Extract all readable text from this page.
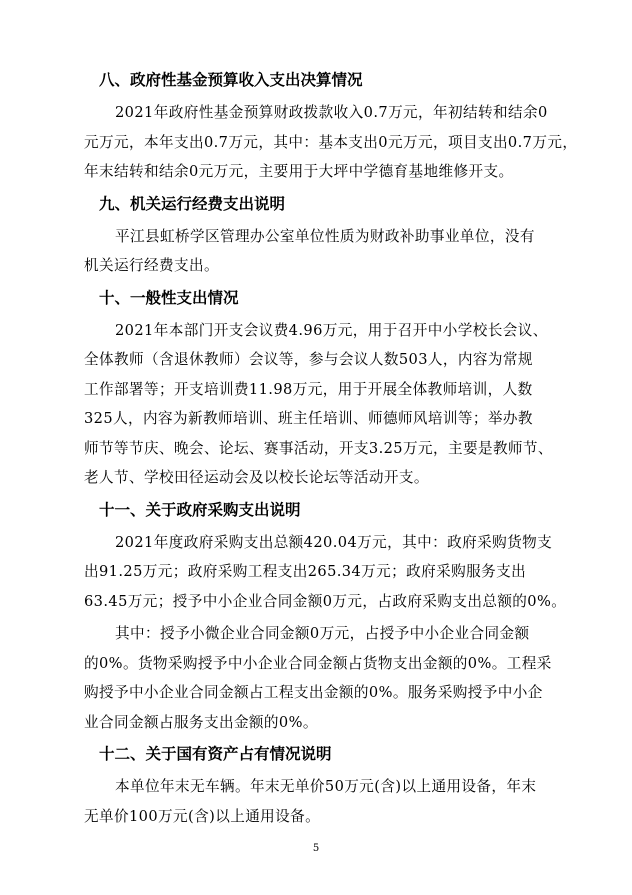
八、政府性基金预算收入支出决算情况
2021年政府性基金预算财政拨款收入0.7万元，年初结转和结余0
元万元，本年支出0.7万元，其中：基本支出0元万元，项目支出0.7万元，
年末结转和结余0元万元，主要用于大坪中学德育基地维修开支。
九、机关运行经费支出说明
平江县虹桥学区管理办公室单位性质为财政补助事业单位，没有
机关运行经费支出。
十、一般性支出情况
2021年本部门开支会议费4.96万元，用于召开中小学校长会议、
全体教师（含退休教师）会议等，参与会议人数503人，内容为常规
工作部署等；开支培训费11.98万元，用于开展全体教师培训，人数
325人，内容为新教师培训、班主任培训、师德师风培训等；举办教
师节等节庆、晚会、论坛、赛事活动，开支3.25万元，主要是教师节、
老人节、学校田径运动会及以校长论坛等活动开支。
十一、关于政府采购支出说明
2021年度政府采购支出总额420.04万元，其中：政府采购货物支
出91.25万元；政府采购工程支出265.34万元；政府采购服务支出
63.45万元；授予中小企业合同金额0万元，占政府采购支出总额的0%。
其中：授予小微企业合同金额0万元，占授予中小企业合同金额
的0%。货物采购授予中小企业合同金额占货物支出金额的0%。工程采
购授予中小企业合同金额占工程支出金额的0%。服务采购授予中小企
业合同金额占服务支出金额的0%。
十二、关于国有资产占有情况说明
本单位年末无车辆。年末无单价50万元(含)以上通用设备，年末
无单价100万元(含)以上通用设备。
5
